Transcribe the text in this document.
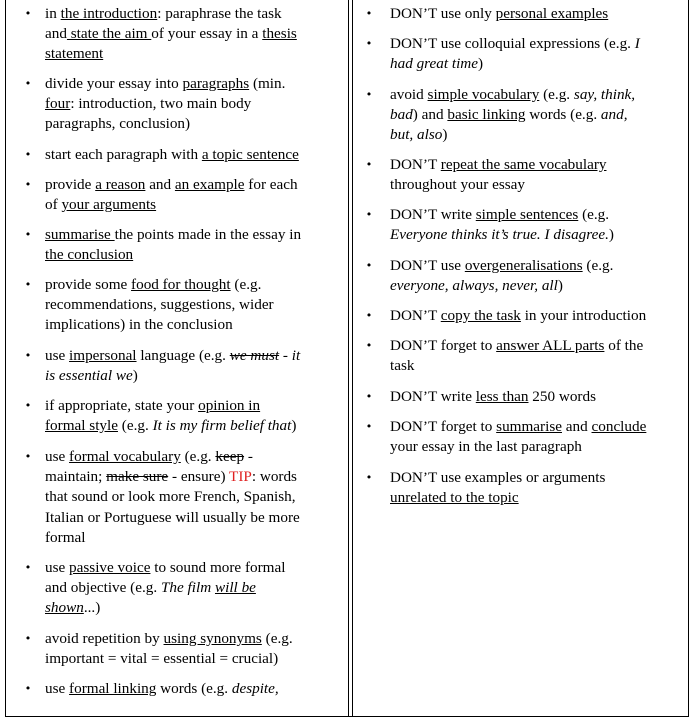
• in the introduction: paraphrase the task
and state the aim of your essay in a thesis
statement
• divide your essay into paragraphs (min.
four: introduction, two main body
paragraphs, conclusion)
• start each paragraph with a topic sentence
• provide a reason and an example for each
of your arguments
• summarise the points made in the essay in
the conclusion
• provide some food for thought (e.g.
recommendations, suggestions, wider
implications) in the conclusion
• use impersonal language (e.g. we must - it
is essential we)
• if appropriate, state your opinion in
formal style (e.g. It is my firm belief that)
• use formal vocabulary (e.g. keep -
maintain; make sure - ensure) TIP: words
that sound or look more French, Spanish,
Italian or Portuguese will usually be more
formal
• use passive voice to sound more formal
and objective (e.g. The film will be
shown...)
• avoid repetition by using synonyms (e.g.
important = vital = essential = crucial)
• use formal linking words (e.g. despite,
•	DON’T use only personal examples
•	DON’T use colloquial expressions (e.g. I
had great time)
•	avoid simple vocabulary (e.g. say, think,
bad) and basic linking words (e.g. and,
but, also)
•	DON’T repeat the same vocabulary
throughout your essay
•	DON’T write simple sentences (e.g.
Everyone thinks it’s true. I disagree.)
•	DON’T use overgeneralisations (e.g.
everyone, always, never, all)
•	DON’T copy the task in your introduction
•	DON’T forget to answer ALL parts of the
task
•	DON’T write less than 250 words
•	DON’T forget to summarise and conclude
your essay in the last paragraph
•	DON’T use examples or arguments
unrelated to the topic
